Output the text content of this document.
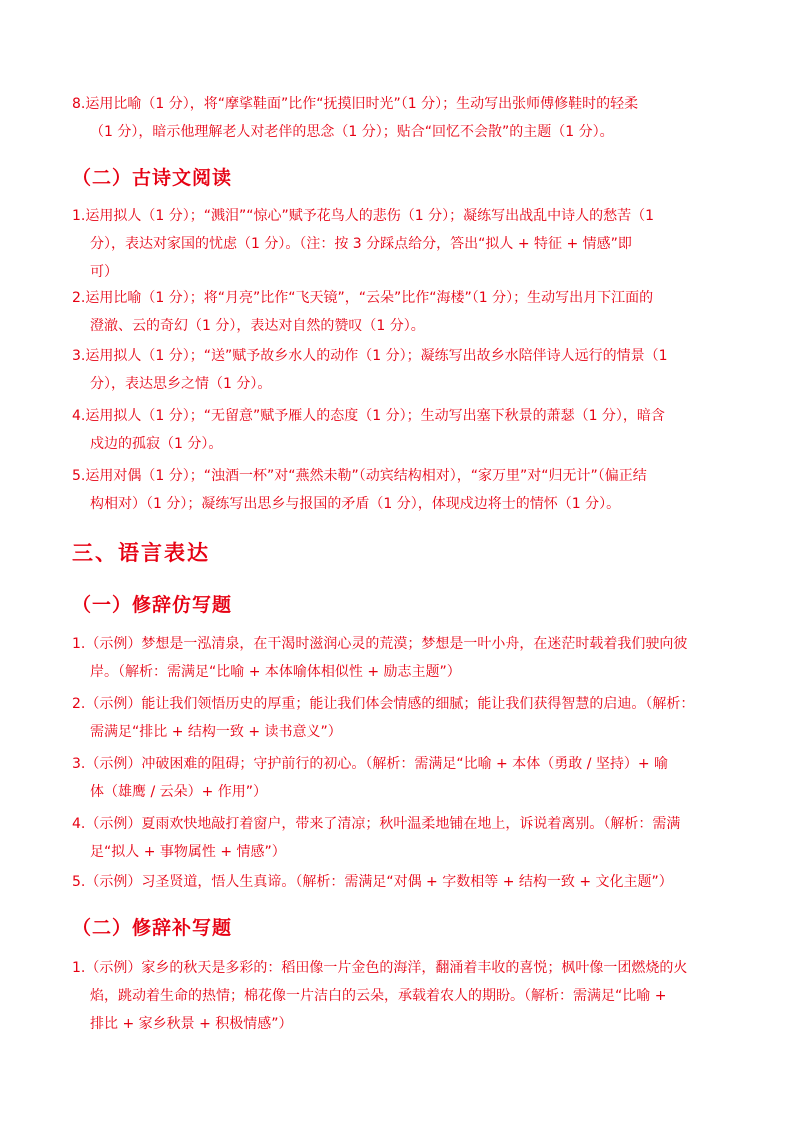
8.运用比喻（1 分），将“摩挲鞋面”比作“抚摸旧时光”（1 分）；生动写出张师傅修鞋时的轻柔
（1 分），暗示他理解老人对老伴的思念（1 分）；贴合“回忆不会散”的主题（1 分）。
（二）古诗文阅读
1.运用拟人（1 分）；“溅泪”“惊心”赋予花鸟人的悲伤（1 分）；凝练写出战乱中诗人的愁苦（1
分），表达对家国的忧虑（1 分）。（注：按 3 分踩点给分，答出“拟人 + 特征 + 情感”即
可）
2.运用比喻（1 分）；将“月亮”比作“飞天镜”，“云朵”比作“海楼”（1 分）；生动写出月下江面的
澄澈、云的奇幻（1 分），表达对自然的赞叹（1 分）。
3.运用拟人（1 分）；“送”赋予故乡水人的动作（1 分）；凝练写出故乡水陪伴诗人远行的情景（1
分），表达思乡之情（1 分）。
4.运用拟人（1 分）；“无留意”赋予雁人的态度（1 分）；生动写出塞下秋景的萧瑟（1 分），暗含
戍边的孤寂（1 分）。
5.运用对偶（1 分）；“浊酒一杯”对“燕然未勒”（动宾结构相对），“家万里”对“归无计”（偏正结
构相对）（1 分）；凝练写出思乡与报国的矛盾（1 分），体现戍边将士的情怀（1 分）。
三、语言表达
（一）修辞仿写题
1.（示例）梦想是一泓清泉，在干渴时滋润心灵的荒漠；梦想是一叶小舟，在迷茫时载着我们驶向彼
岸。（解析：需满足“比喻 + 本体喻体相似性 + 励志主题”）
2.（示例）能让我们领悟历史的厚重；能让我们体会情感的细腻；能让我们获得智慧的启迪。（解析：
需满足“排比 + 结构一致 + 读书意义”）
3.（示例）冲破困难的阻碍；守护前行的初心。（解析：需满足“比喻 + 本体（勇敢 / 坚持）+ 喻
体（雄鹰 / 云朵）+ 作用”）
4.（示例）夏雨欢快地敲打着窗户，带来了清凉；秋叶温柔地铺在地上，诉说着离别。（解析：需满
足“拟人 + 事物属性 + 情感”）
5.（示例）习圣贤道，悟人生真谛。（解析：需满足“对偶 + 字数相等 + 结构一致 + 文化主题”）
（二）修辞补写题
1.（示例）家乡的秋天是多彩的：稻田像一片金色的海洋，翻涌着丰收的喜悦；枫叶像一团燃烧的火
焰，跳动着生命的热情；棉花像一片洁白的云朵，承载着农人的期盼。（解析：需满足“比喻 +
排比 + 家乡秋景 + 积极情感”）
